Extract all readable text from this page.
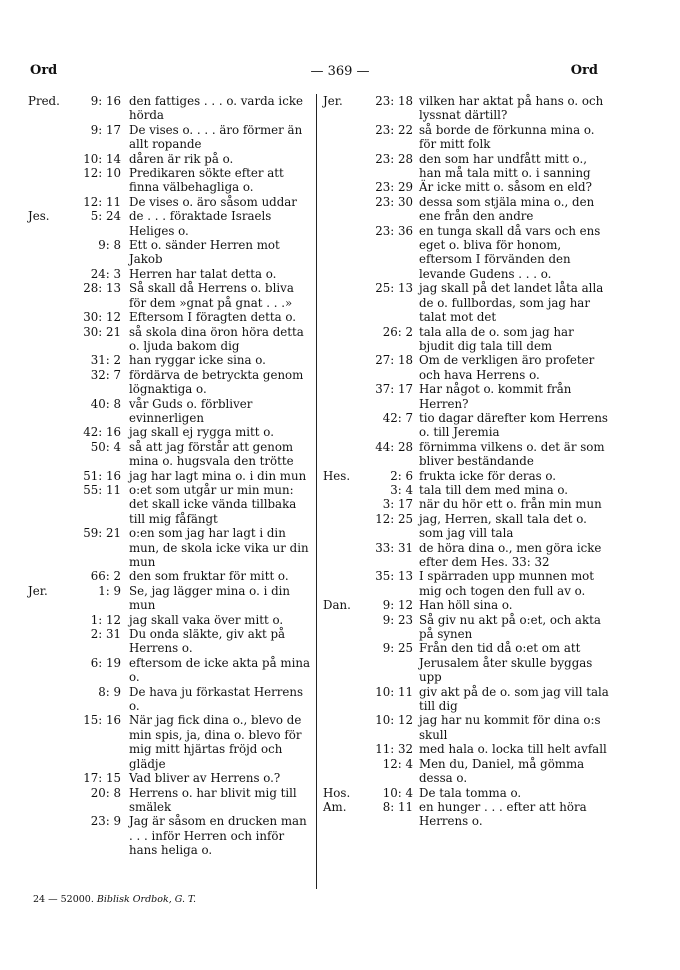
Ord	— 369 —	Ord
Pred.	9: 16 den fattiges . . . o. varda icke hörda
9: 17 De vises o. . . . äro förmer än allt ropande
10: 14 dåren är rik på o.
12: 10 Predikaren sökte efter att finna välbehagliga o.
12: 11 De vises o. äro såsom uddar
Jes.	5: 24 de . . . föraktade Israels Heliges o.
9: 8 Ett o. sänder Herren mot Jakob
24: 3 Herren har talat detta o.
28: 13 Så skall då Herrens o. bliva för dem »gnat på gnat . . .»
30: 12 Eftersom I föragten detta o.
30: 21 så skola dina öron höra detta o. ljuda bakom dig
31: 2 han ryggar icke sina o.
32: 7 fördärva de betryckta genom lögnaktiga o.
40: 8 vår Guds o. förbliver evinnerligen
42: 16 jag skall ej rygga mitt o.
50: 4 så att jag förstår att genom mina o. hugsvala den trötte
51: 16 jag har lagt mina o. i din mun
55: 11 o:et som utgår ur min mun: det skall icke vända tillbaka till mig fåfängt
59: 21 o:en som jag har lagt i din mun, de skola icke vika ur din mun
66: 2 den som fruktar för mitt o.
Jer.	1: 9 Se, jag lägger mina o. i din mun
1: 12 jag skall vaka över mitt o.
2: 31 Du onda släkte, giv akt på Herrens o.
6: 19 eftersom de icke akta på mina o.
8: 9 De hava ju förkastat Herrens o.
15: 16 När jag fick dina o., blevo de min spis, ja, dina o. blevo för mig mitt hjärtas fröjd och glädje
17: 15 Vad bliver av Herrens o.?
20: 8 Herrens o. har blivit mig till smälek
23: 9 Jag är såsom en drucken man . . . inför Herren och inför hans heliga o.
Jer.	23: 18 vilken har aktat på hans o. och lyssnat därtill?
23: 22 så borde de förkunna mina o. för mitt folk
23: 28 den som har undfått mitt o., han må tala mitt o. i sanning
23: 29 Är icke mitt o. såsom en eld?
23: 30 dessa som stjäla mina o., den ene från den andre
23: 36 en tunga skall då vars och ens eget o. bliva för honom, eftersom I förvänden den levande Gudens . . . o.
25: 13 jag skall på det landet låta alla de o. fullbordas, som jag har talat mot det
26: 2 tala alla de o. som jag har bjudit dig tala till dem
27: 18 Om de verkligen äro profeter och hava Herrens o.
37: 17 Har något o. kommit från Herren?
42: 7 tio dagar därefter kom Herrens o. till Jeremia
44: 28 förnimma vilkens o. det är som bliver beständande
Hes.	2: 6 frukta icke för deras o.
3: 4 tala till dem med mina o.
3: 17 när du hör ett o. från min mun
12: 25 jag, Herren, skall tala det o. som jag vill tala
33: 31 de höra dina o., men göra icke efter dem Hes. 33: 32
35: 13 I spärraden upp munnen mot mig och togen den full av o.
Dan.	9: 12 Han höll sina o.
9: 23 Så giv nu akt på o:et, och akta på synen
9: 25 Från den tid då o:et om att Jerusalem åter skulle byggas upp
10: 11 giv akt på de o. som jag vill tala till dig
10: 12 jag har nu kommit för dina o:s skull
11: 32 med hala o. locka till helt avfall
12: 4 Men du, Daniel, må gömma dessa o.
Hos.	10: 4 De tala tomma o.
Am.	8: 11 en hunger . . . efter att höra Herrens o.
24 — 52000. Biblisk Ordbok, G. T.
